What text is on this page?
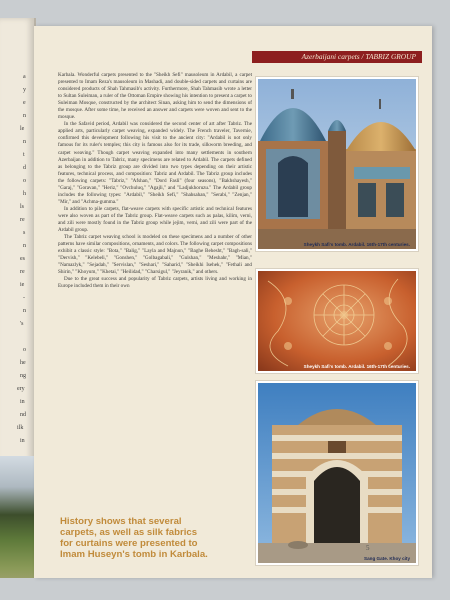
a
y
e
n
le
n
t
d
o
h
ls
re
s
n
es
re
ie
-
n
's
o
he
ng
ery
in
nd
ilk
in
Azerbaijani carpets / TABRIZ GROUP

Karbala. Wonderful carpets presented to the "Sheikh Sefi" mausoleum in Ardabil, a carpet presented to Imam Reza's mausoleum in Mashadi, and double-sided carpets and curtains are considered products of Shah Tahmasib's activity. Furthermore, Shah Tahmasib wrote a letter to Sultan Suleiman, a ruler of the Ottoman Empire showing his intention to present a carpet to Suleiman Mosque, constructed by the architect Sinan, asking him to send the dimensions of the mosque. After some time, he received an answer and carpets were woven and sent to the mosque.

In the Safavid period, Ardabil was considered the second center of art after Tabriz. The applied arts, particularly carpet weaving, expanded widely. The French traveler, Tavernie, confirmed this development following his visit to the ancient city: "Ardabil is not only famous for its ruler's temples; this city is famous also for its trade, silkworm breeding, and carpet weaving." Though carpet weaving expanded into many settlements in southern Azerbaijan in addition to Tabriz, many specimens are related to Ardabil. The carpets defined as belonging to the Tabriz group are divided into two types depending on their artistic features, technical process, and composition: Tabriz and Ardabil. The Tabriz group includes the following carpets: "Tabriz," "Afshan," "Dord Fasli" (four seasons), "Bakhshayesh," "Garaj," "Goravan," "Heriz," "Ovchuluq," "Agajli," and "Ladjukhoruzu." The Ardabil group includes the following types: "Ardabil," "Sheikh Sefi," "Shahsahan," "Serabi," "Zenjan," "Mir," and "Achma-gumma."

In addition to pile carpets, flat-weave carpets with specific artistic and technical features were also woven as part of the Tabriz group. Flat-weave carpets such as palas, kilim, verni, and zili were mostly found in the Tabriz group while jejim, verni, and zili were part of the Ardabil group.

The Tabriz carpet weaving school is modeled on these specimens and a number of other patterns have similar compositions, ornaments, and colors. The following carpet compositions exhibit a classic style: "Bota," "Balig," "Layla and Majnun," "Baghe Behesht," "Bagh-sali," "Dervish," "Kelebeli," "Gonshen," "Golbagabali," "Gulshan," "Meshahr," "Mian," "Namazlyk," "Sejadah," "Servislan," "Seshari," "Saharid," "Sheikhi Isehek," "Fethali and Shirin," "Khoyum," "Khetai," "Heilidad," "Charsigul," "Jeyranik," and others.

Due to the great success and popularity of Tabriz carpets, artists living and working in Europe included them in their own

History shows that several carpets, as well as silk fabrics for curtains were presented to Imam Huseyn's tomb in Karbala.
Sheykh Safi's tomb. Ardabil. 16th-17th centuries.
Sheykh Safi's tomb. Ardabil. 16th-17th centuries.
Sang Gate. Khoy city
5
